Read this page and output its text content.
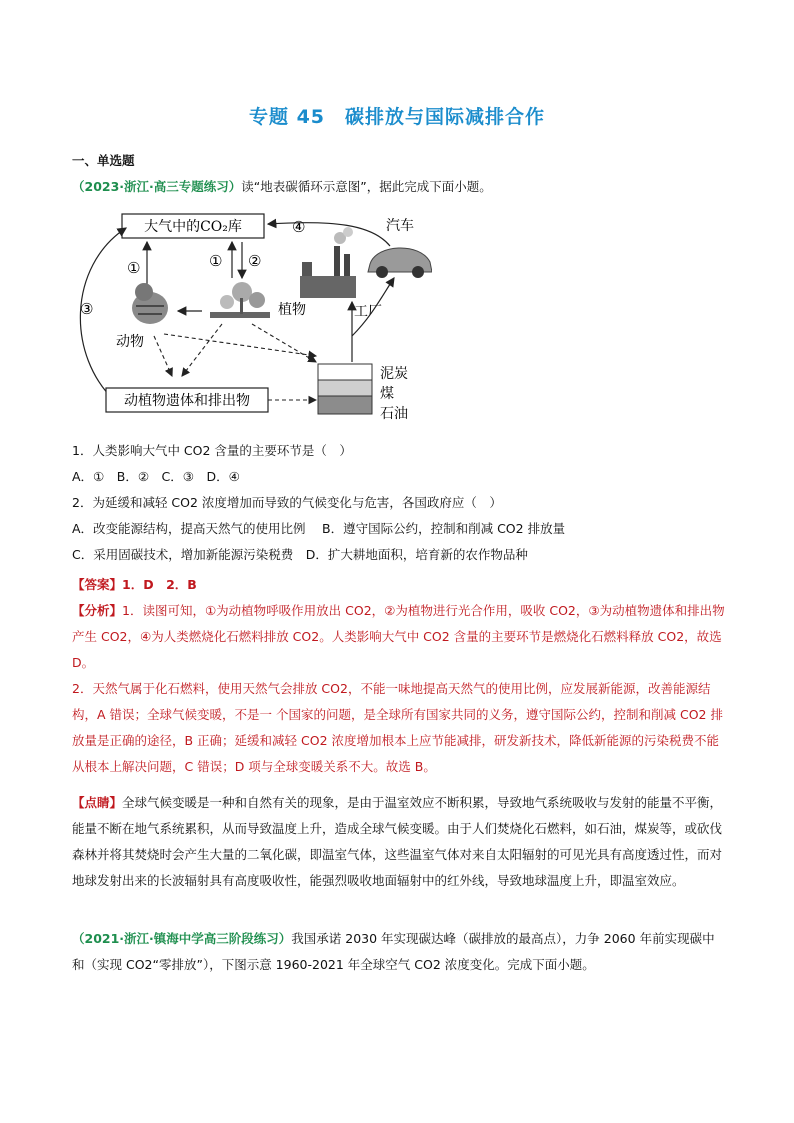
专题 45　碳排放与国际减排合作
一、单选题
（2023·浙江·高三专题练习）读“地表碳循环示意图”，据此完成下面小题。
大气中的CO₂库	④
③
①	① ②
动物
植物	工厂
汽车
动植物遗体和排出物
泥炭
煤
石油

1．人类影响大气中 CO2 含量的主要环节是（　）

A．①　B．②　C．③　D．④

2．为延缓和减轻 CO2 浓度增加而导致的气候变化与危害，各国政府应（　）

A．改变能源结构，提高天然气的使用比例　 B．遵守国际公约，控制和削减 CO2 排放量

C．采用固碳技术，增加新能源污染税费　D．扩大耕地面积，培育新的农作物品种

【答案】1．D　2．B

【分析】1．读图可知，①为动植物呼吸作用放出 CO2，②为植物进行光合作用，吸收 CO2，③为动植物遗体和排出物产生 CO2，④为人类燃烧化石燃料排放 CO2。人类影响大气中 CO2 含量的主要环节是燃烧化石燃料释放 CO2，故选 D。

2．天然气属于化石燃料，使用天然气会排放 CO2，不能一味地提高天然气的使用比例，应发展新能源，改善能源结构，A 错误；全球气候变暖，不是一 个国家的问题，是全球所有国家共同的义务，遵守国际公约，控制和削减 CO2 排放量是正确的途径，B 正确；延缓和减轻 CO2 浓度增加根本上应节能减排，研发新技术，降低新能源的污染税费不能从根本上解决问题，C 错误；D 项与全球变暖关系不大。故选 B。

【点睛】全球气候变暖是一种和自然有关的现象，是由于温室效应不断积累，导致地气系统吸收与发射的能量不平衡，能量不断在地气系统累积，从而导致温度上升，造成全球气候变暖。由于人们焚烧化石燃料，如石油，煤炭等，或砍伐森林并将其焚烧时会产生大量的二氧化碳，即温室气体，这些温室气体对来自太阳辐射的可见光具有高度透过性，而对地球发射出来的长波辐射具有高度吸收性，能强烈吸收地面辐射中的红外线，导致地球温度上升，即温室效应。
（2021·浙江·镇海中学高三阶段练习）我国承诺 2030 年实现碳达峰（碳排放的最高点），力争 2060 年前实现碳中和（实现 CO2“零排放”），下图示意 1960-2021 年全球空气 CO2 浓度变化。完成下面小题。
